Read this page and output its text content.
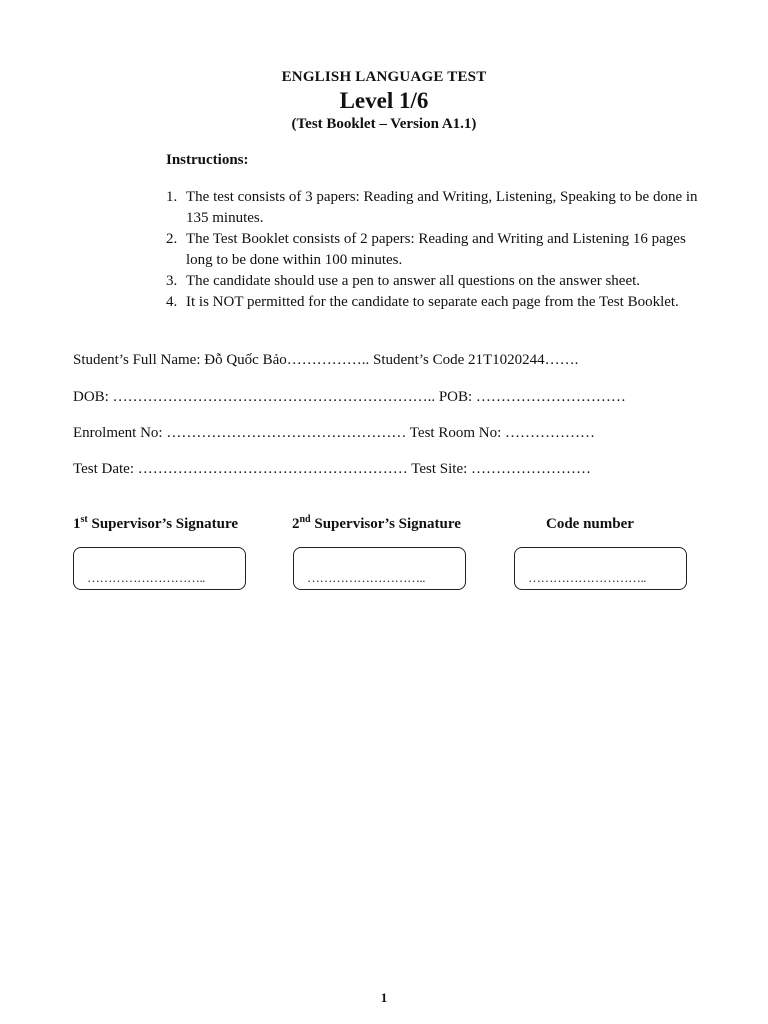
ENGLISH LANGUAGE TEST
Level 1/6
(Test Booklet – Version A1.1)
Instructions:
1. The test consists of 3 papers: Reading and Writing, Listening, Speaking to be done in 135 minutes.
2. The Test Booklet consists of 2 papers: Reading and Writing and Listening 16 pages long to be done within 100 minutes.
3. The candidate should use a pen to answer all questions on the answer sheet.
4. It is NOT permitted for the candidate to separate each page from the Test Booklet.
Student’s Full Name: Đỗ Quốc Bảo…………….. Student’s Code 21T1020244…….
DOB: ……………………………………………………….. POB: …………………………
Enrolment No: ………………………………………… Test Room No: ………………
Test Date: ……………………………………………… Test Site: ……………………
1st Supervisor’s Signature	2nd Supervisor’s Signature	Code number
………………………..	………………………..	………………………..
1
